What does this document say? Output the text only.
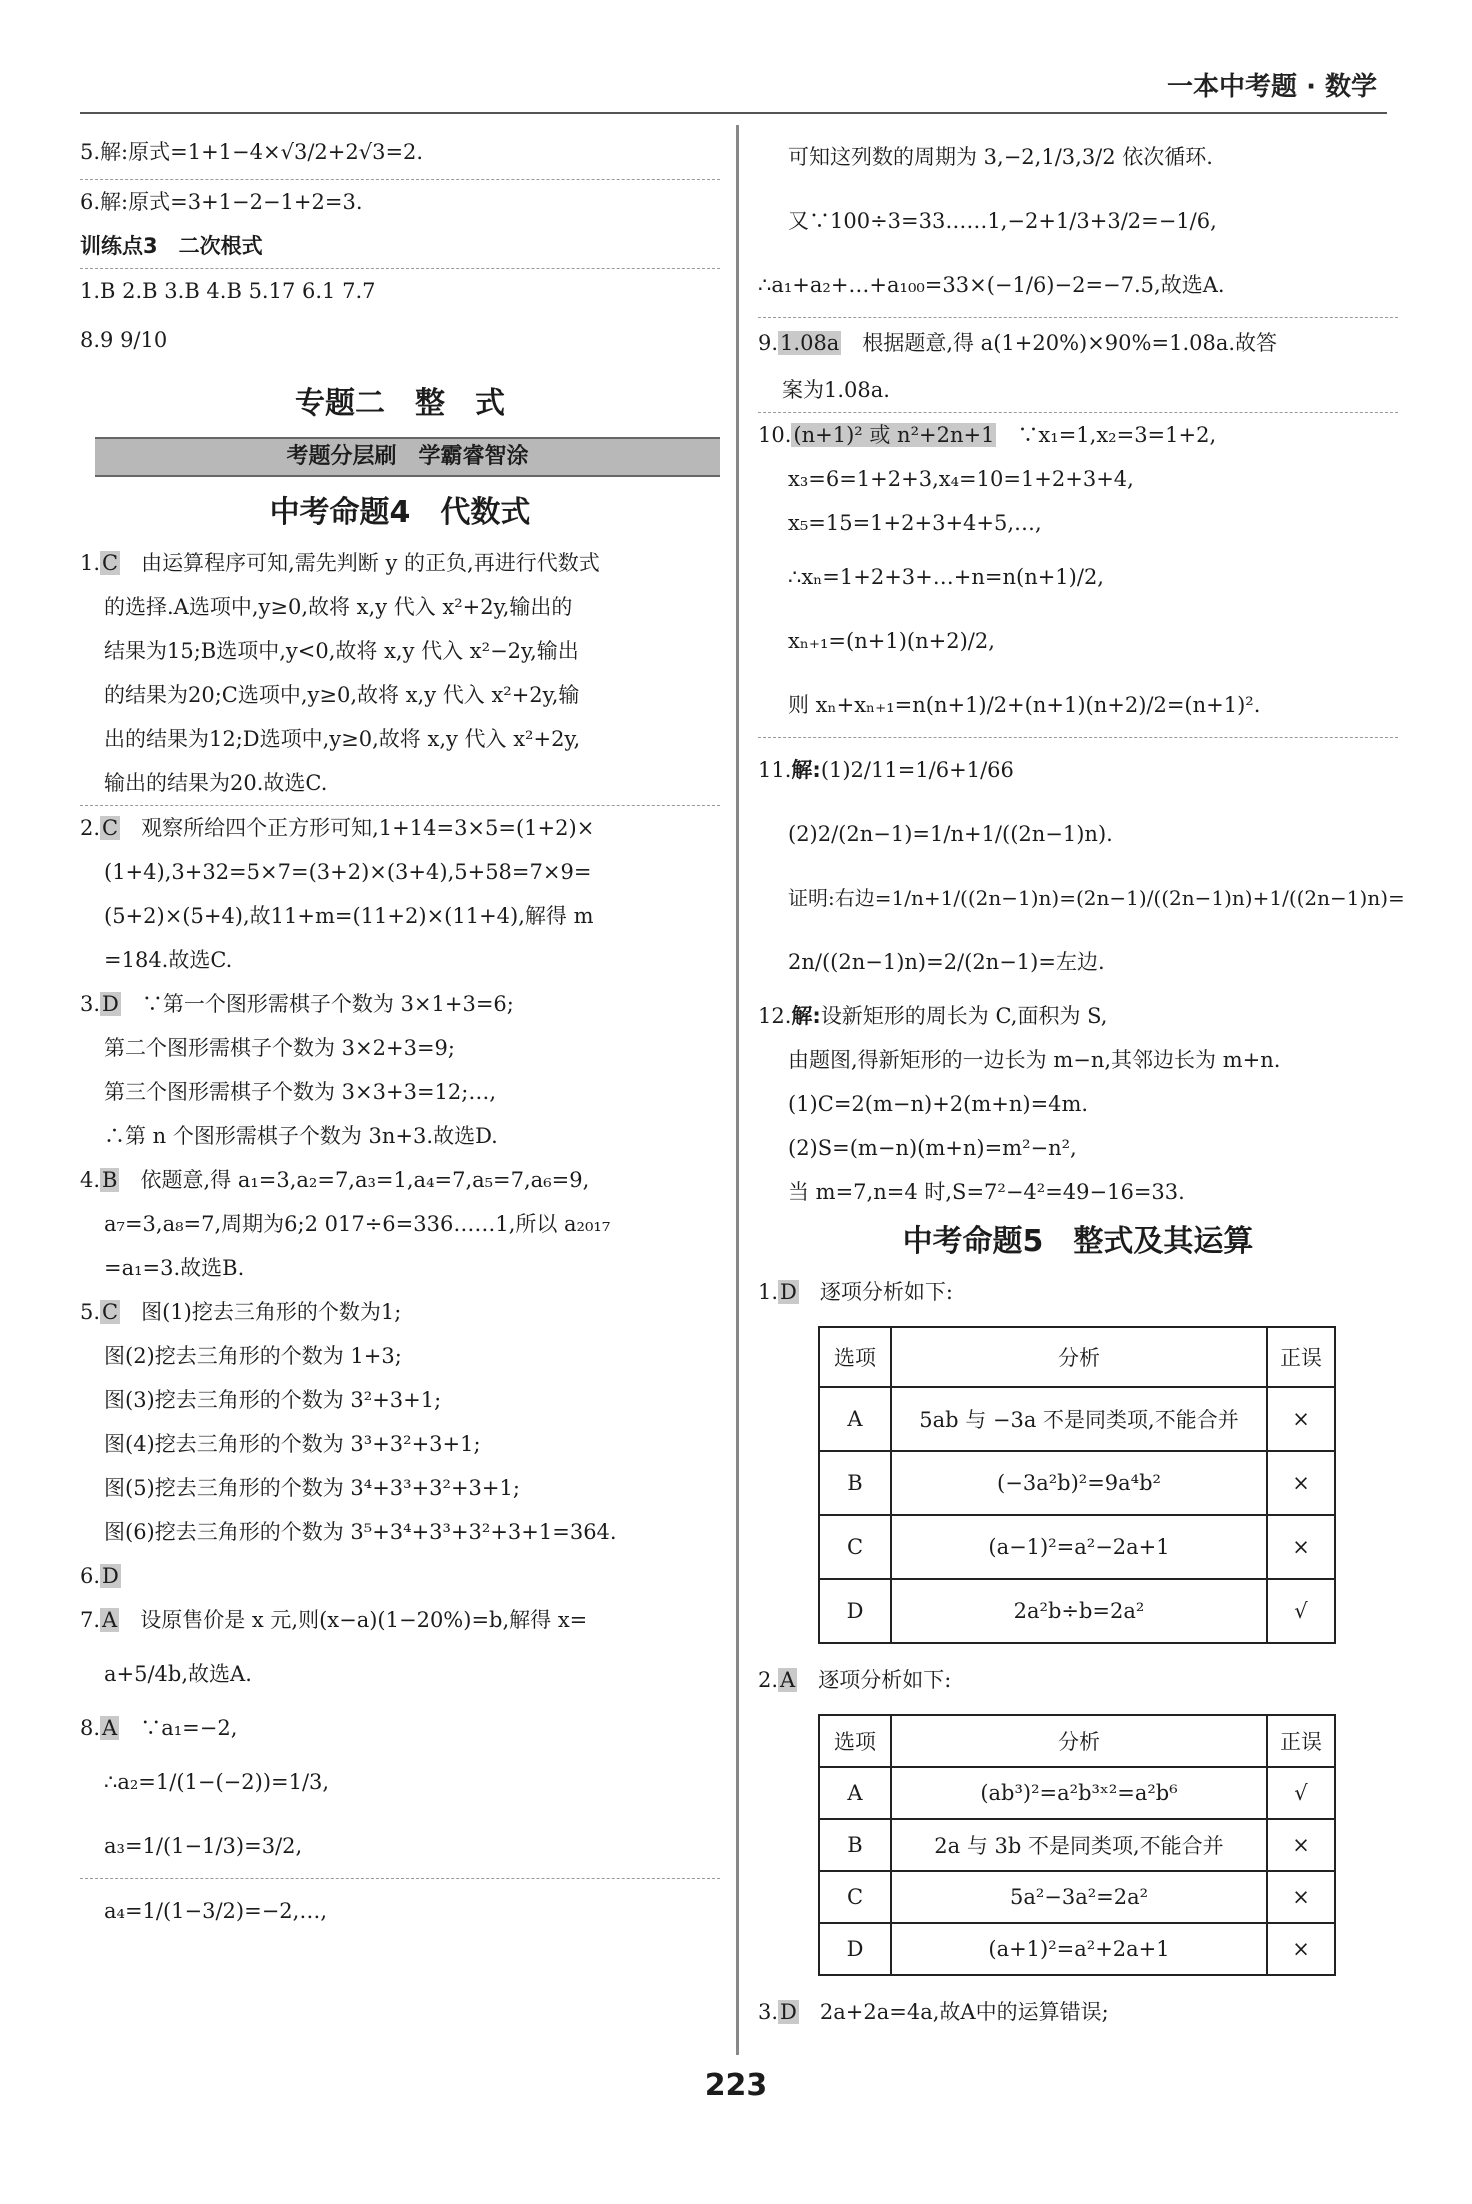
一本中考题 · 数学
5.解:原式=1+1−4×√3/2+2√3=2.
6.解:原式=3+1−2−1+2=3.
训练点3　二次根式
1.B 2.B 3.B 4.B 5.17 6.1 7.7
8.9 9/10
专题二　整　式
考题分层刷　学霸睿智涂
中考命题4　代数式
1.C　 由运算程序可知,需先判断 y 的正负,再进行代数式
的选择.A选项中,y≥0,故将 x,y 代入 x²+2y,输出的
结果为15;B选项中,y<0,故将 x,y 代入 x²−2y,输出
的结果为20;C选项中,y≥0,故将 x,y 代入 x²+2y,输
出的结果为12;D选项中,y≥0,故将 x,y 代入 x²+2y,
输出的结果为20.故选C.
2.C　 观察所给四个正方形可知,1+14=3×5=(1+2)×
(1+4),3+32=5×7=(3+2)×(3+4),5+58=7×9=
(5+2)×(5+4),故11+m=(11+2)×(11+4),解得 m
=184.故选C.
3.D　 ∵第一个图形需棋子个数为 3×1+3=6;
第二个图形需棋子个数为 3×2+3=9;
第三个图形需棋子个数为 3×3+3=12;…,
∴第 n 个图形需棋子个数为 3n+3.故选D.
4.B　 依题意,得 a₁=3,a₂=7,a₃=1,a₄=7,a₅=7,a₆=9,
a₇=3,a₈=7,周期为6;2 017÷6=336……1,所以 a₂₀₁₇
=a₁=3.故选B.
5.C　 图(1)挖去三角形的个数为1;
图(2)挖去三角形的个数为 1+3;
图(3)挖去三角形的个数为 3²+3+1;
图(4)挖去三角形的个数为 3³+3²+3+1;
图(5)挖去三角形的个数为 3⁴+3³+3²+3+1;
图(6)挖去三角形的个数为 3⁵+3⁴+3³+3²+3+1=364.
6.D
7.A　 设原售价是 x 元,则(x−a)(1−20%)=b,解得 x=
a+5/4b,故选A.
8.A　 ∵a₁=−2,
∴a₂=1/(1−(−2))=1/3,
a₃=1/(1−1/3)=3/2,
a₄=1/(1−3/2)=−2,…,
可知这列数的周期为 3,−2,1/3,3/2 依次循环.
又∵100÷3=33……1,−2+1/3+3/2=−1/6,
∴a₁+a₂+…+a₁₀₀=33×(−1/6)−2=−7.5,故选A.
9.1.08a　 根据题意,得 a(1+20%)×90%=1.08a.故答
案为1.08a.
10.(n+1)² 或 n²+2n+1　 ∵x₁=1,x₂=3=1+2,
x₃=6=1+2+3,x₄=10=1+2+3+4,
x₅=15=1+2+3+4+5,…,
∴xₙ=1+2+3+…+n=n(n+1)/2,
xₙ₊₁=(n+1)(n+2)/2,
则 xₙ+xₙ₊₁=n(n+1)/2+(n+1)(n+2)/2=(n+1)².
11.解:(1)2/11=1/6+1/66
(2)2/(2n−1)=1/n+1/((2n−1)n).
证明:右边=1/n+1/((2n−1)n)=(2n−1)/((2n−1)n)+1/((2n−1)n)=
2n/((2n−1)n)=2/(2n−1)=左边.
12.解:设新矩形的周长为 C,面积为 S,
由题图,得新矩形的一边长为 m−n,其邻边长为 m+n.
(1)C=2(m−n)+2(m+n)=4m.
(2)S=(m−n)(m+n)=m²−n²,
当 m=7,n=4 时,S=7²−4²=49−16=33.
中考命题5　整式及其运算
1.D　 逐项分析如下:
选项	分析	正误
A	5ab 与 −3a 不是同类项,不能合并	×
B	(−3a²b)²=9a⁴b²	×
C	(a−1)²=a²−2a+1	×
D	2a²b÷b=2a²	√
2.A　 逐项分析如下:
选项	分析	正误
A	(ab³)²=a²b³ˣ²=a²b⁶	√
B	2a 与 3b 不是同类项,不能合并	×
C	5a²−3a²=2a²	×
D	(a+1)²=a²+2a+1	×
3.D　 2a+2a=4a,故A中的运算错误;
223
